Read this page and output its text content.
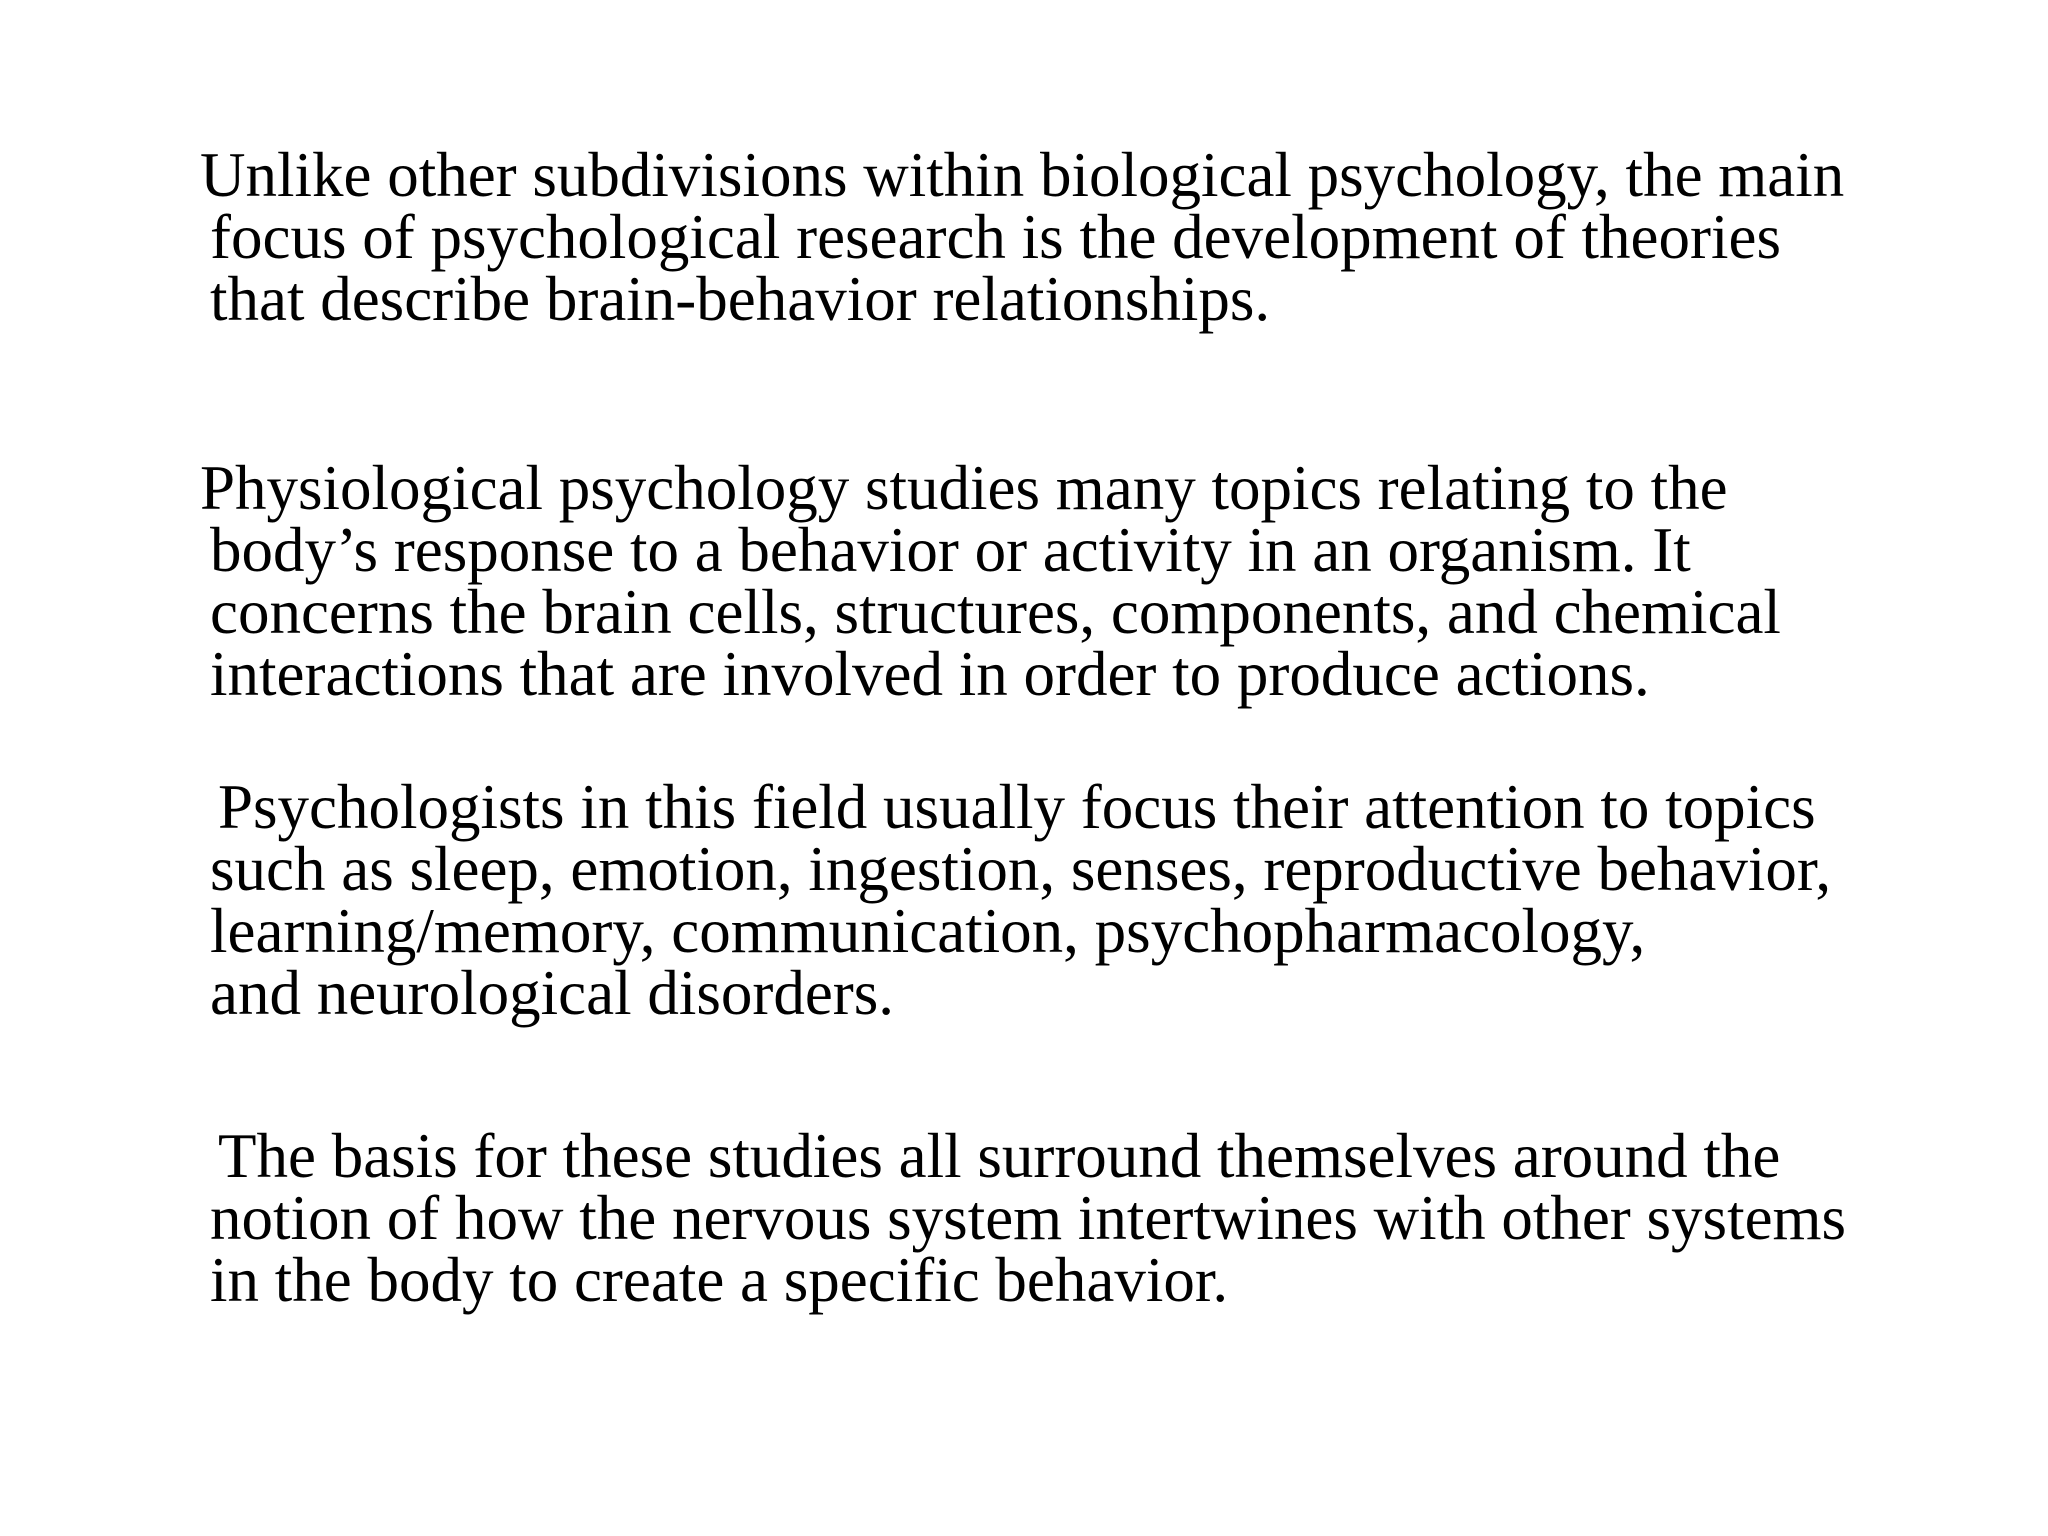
Unlike other subdivisions within biological psychology, the main
focus of psychological research is the development of theories
that describe brain-behavior relationships.
Physiological psychology studies many topics relating to the
body’s response to a behavior or activity in an organism. It
concerns the brain cells, structures, components, and chemical
interactions that are involved in order to produce actions.
Psychologists in this field usually focus their attention to topics
such as sleep, emotion, ingestion, senses, reproductive behavior,
learning/memory, communication, psychopharmacology,
and neurological disorders.
The basis for these studies all surround themselves around the
notion of how the nervous system intertwines with other systems
in the body to create a specific behavior.
